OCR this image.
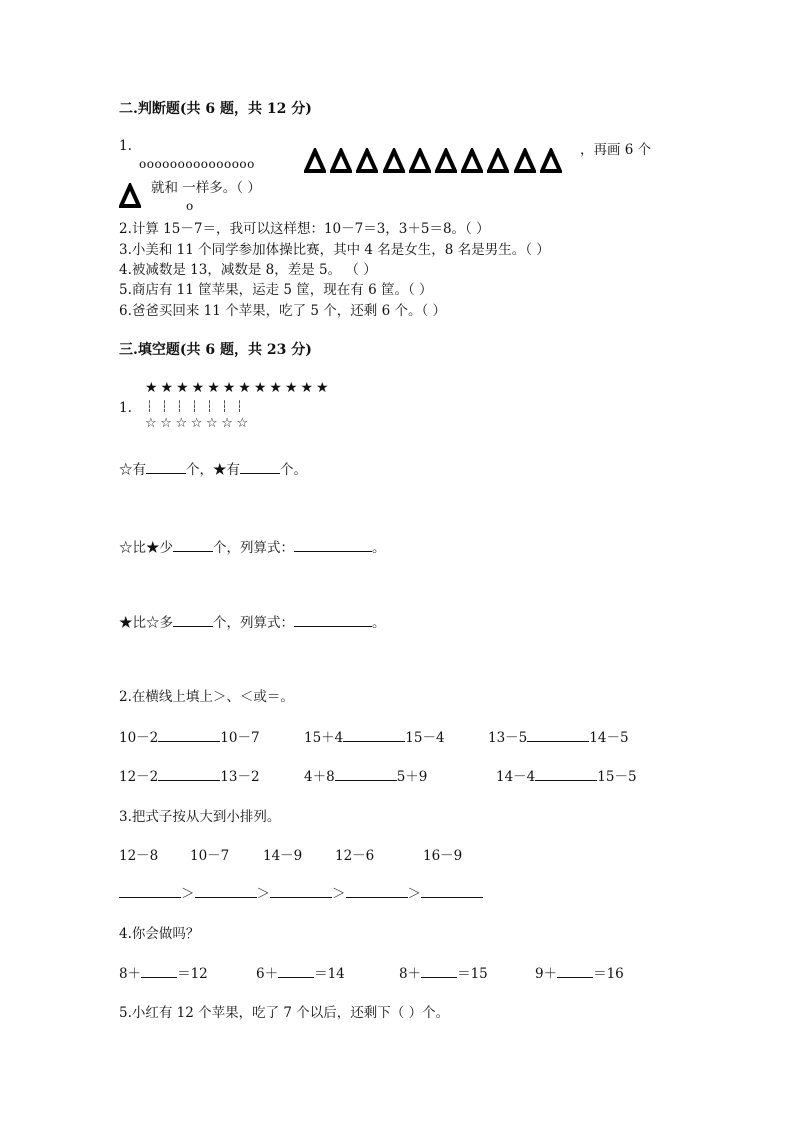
二.判断题(共 6 题，共 12 分)
1.
ooooooooooooooo
，再画 6 个
就和 一样多。（ ）
o
2.计算 15－7＝，我可以这样想：10－7＝3，3＋5＝8。（ ）
3.小美和 11 个同学参加体操比赛，其中 4 名是女生，8 名是男生。（ ）
4.被减数是 13，减数是 8，差是 5。 （ ）
5.商店有 11 筐苹果，运走 5 筐，现在有 6 筐。（ ）
6.爸爸买回来 11 个苹果，吃了 5 个，还剩 6 个。（ ）
三.填空题(共 6 题，共 23 分)
★★★★★★★★★★★★
1. ┆┆┆┆┆┆┆
☆☆☆☆☆☆☆
☆有	个，★有	个。
☆比★少	个，列算式：	。
★比☆多	个，列算式：	。
2.在横线上填上＞、＜或＝。
10－2	10－7	15＋4	15－4	13－5	14－5
12－2	13－2	4＋8	5＋9	14－4	15－5
3.把式子按从大到小排列。
12－8 10－7 14－9 12－6	16－9
＞	＞	＞	＞
4.你会做吗？
8＋	＝12	6＋	＝14	8＋	＝15	9＋	＝16
5.小红有 12 个苹果，吃了 7 个以后，还剩下（ ）个。
